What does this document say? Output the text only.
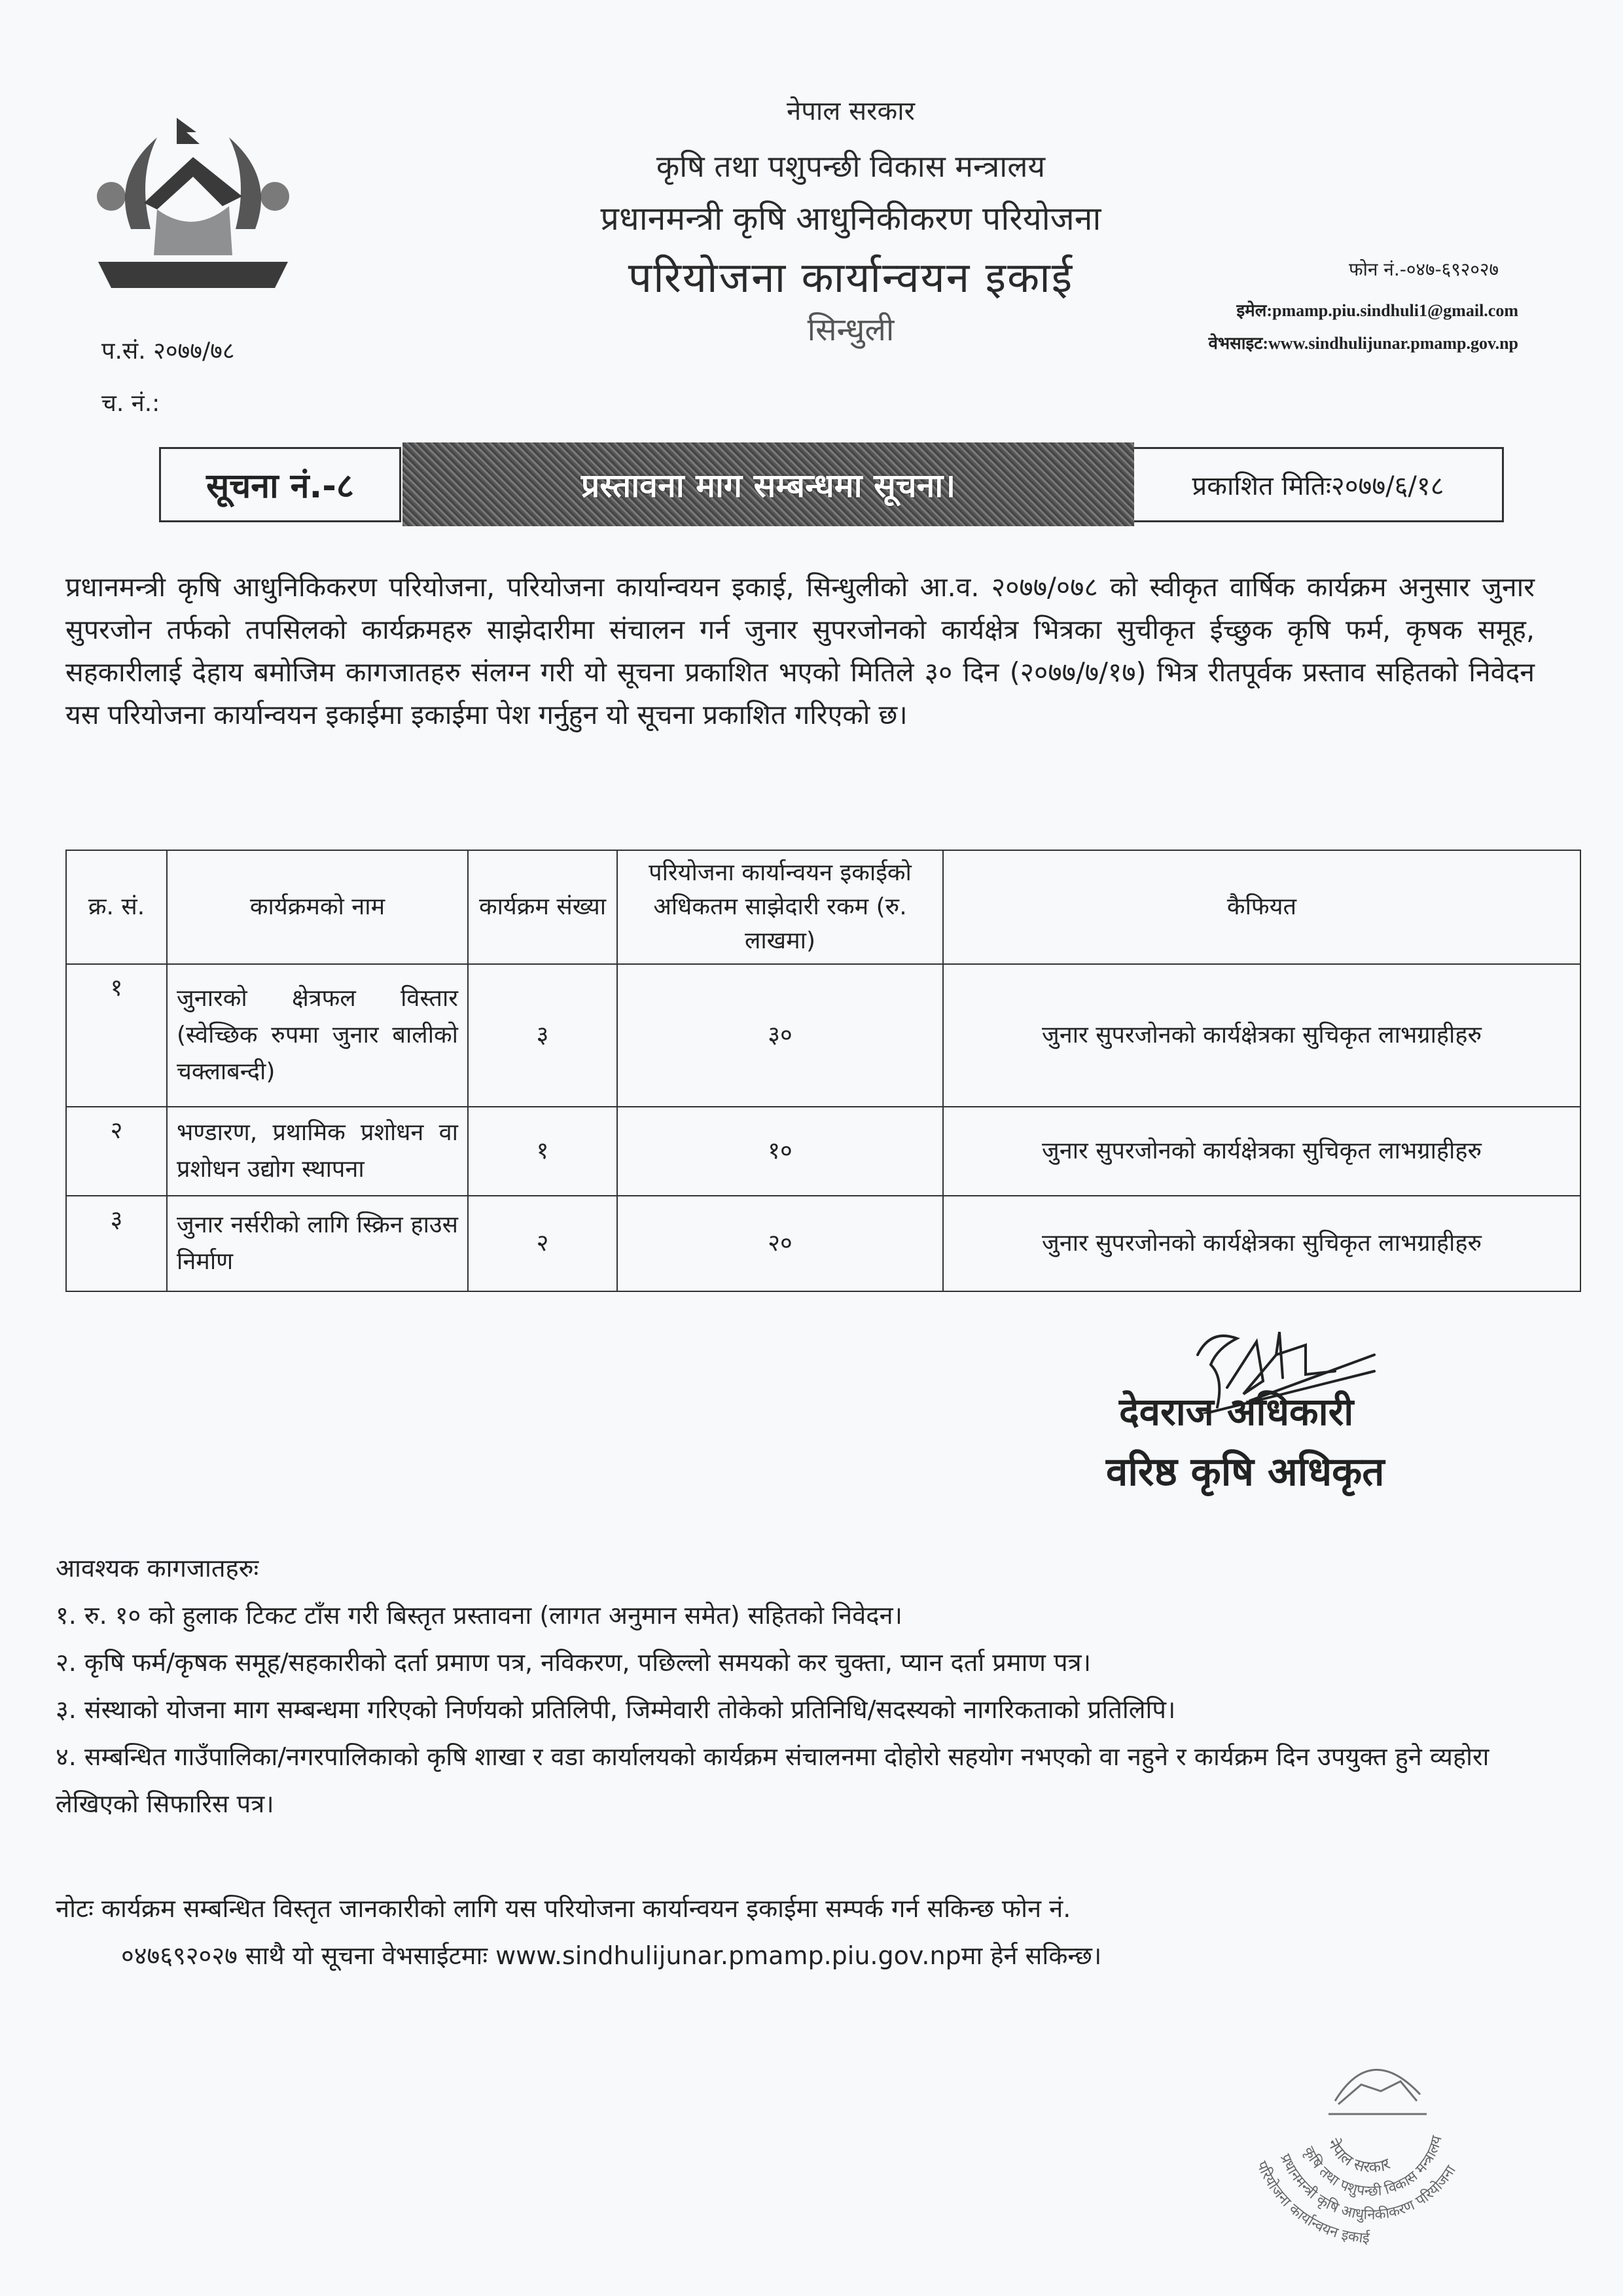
नेपाल सरकार
कृषि तथा पशुपन्छी विकास मन्त्रालय
प्रधानमन्त्री कृषि आधुनिकीकरण परियोजना
परियोजना कार्यान्वयन इकाई
सिन्धुली
फोन नं.-०४७-६९२०२७
इमेल:pmamp.piu.sindhuli1@gmail.com
वेभसाइट:www.sindhulijunar.pmamp.gov.np
प.सं. २०७७/७८
च. नं.:
सूचना नं.-८	प्रस्तावना माग सम्बन्धमा सूचना।	प्रकाशित मितिः२०७७/६/१८
प्रधानमन्त्री कृषि आधुनिकिकरण परियोजना, परियोजना कार्यान्वयन इकाई, सिन्धुलीको आ.व. २०७७/०७८ को स्वीकृत वार्षिक कार्यक्रम अनुसार जुनार सुपरजोन तर्फको तपसिलको कार्यक्रमहरु साझेदारीमा संचालन गर्न जुनार सुपरजोनको कार्यक्षेत्र भित्रका सुचीकृत ईच्छुक कृषि फर्म, कृषक समूह, सहकारीलाई देहाय बमोजिम कागजातहरु संलग्न गरी यो सूचना प्रकाशित भएको मितिले ३० दिन (२०७७/७/१७) भित्र रीतपूर्वक प्रस्ताव सहितको निवेदन यस परियोजना कार्यान्वयन इकाईमा इकाईमा पेश गर्नुहुन यो सूचना प्रकाशित गरिएको छ।
क्र. सं.	कार्यक्रमको नाम	कार्यक्रम संख्या	परियोजना कार्यान्वयन इकाईको अधिकतम साझेदारी रकम (रु. लाखमा)	कैफियत
१	जुनारको क्षेत्रफल विस्तार (स्वेच्छिक रुपमा जुनार बालीको चक्लाबन्दी)	३	३०	जुनार सुपरजोनको कार्यक्षेत्रका सुचिकृत लाभग्राहीहरु
२	भण्डारण, प्रथामिक प्रशोधन वा प्रशोधन उद्योग स्थापना	१	१०	जुनार सुपरजोनको कार्यक्षेत्रका सुचिकृत लाभग्राहीहरु
३	जुनार नर्सरीको लागि स्क्रिन हाउस निर्माण	२	२०	जुनार सुपरजोनको कार्यक्षेत्रका सुचिकृत लाभग्राहीहरु
देवराज अधिकारी
वरिष्ठ कृषि अधिकृत
आवश्यक कागजातहरुः
१. रु. १० को हुलाक टिकट टाँस गरी बिस्तृत प्रस्तावना (लागत अनुमान समेत) सहितको निवेदन।
२. कृषि फर्म/कृषक समूह/सहकारीको दर्ता प्रमाण पत्र, नविकरण, पछिल्लो समयको कर चुक्ता, प्यान दर्ता प्रमाण पत्र।
३. संस्थाको योजना माग सम्बन्धमा गरिएको निर्णयको प्रतिलिपी, जिम्मेवारी तोकेको प्रतिनिधि/सदस्यको नागरिकताको प्रतिलिपि।
४. सम्बन्धित गाउँपालिका/नगरपालिकाको कृषि शाखा र वडा कार्यालयको कार्यक्रम संचालनमा दोहोरो सहयोग नभएको वा नहुने र कार्यक्रम दिन उपयुक्त हुने व्यहोरा लेखिएको सिफारिस पत्र।
नोटः कार्यक्रम सम्बन्धित विस्तृत जानकारीको लागि यस परियोजना कार्यान्वयन इकाईमा सम्पर्क गर्न सकिन्छ फोन नं.
०४७६९२०२७ साथै यो सूचना वेभसाईटमाः www.sindhulijunar.pmamp.piu.gov.npमा हेर्न सकिन्छ।
नेपाल सरकार
कृषि तथा पशुपन्छी विकास मन्त्रालय
प्रधानमन्त्री कृषि आधुनिकीकरण परियोजना
परियोजना कार्यान्वयन इकाई
